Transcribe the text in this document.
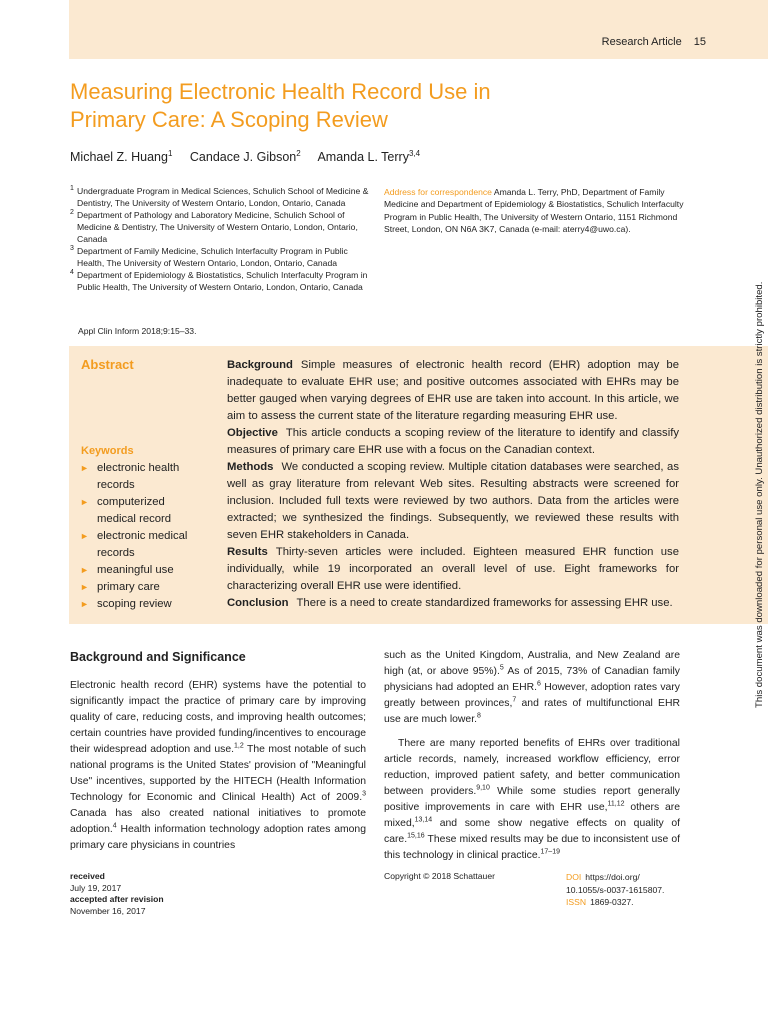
Research Article 15
Measuring Electronic Health Record Use in
Primary Care: A Scoping Review
Michael Z. Huang$^1$ Candace J. Gibson$^2$ Amanda L. Terry$^{3,4}$
1 Undergraduate Program in Medical Sciences, Schulich School of Medicine & Dentistry, The University of Western Ontario, London, Ontario, Canada
2 Department of Pathology and Laboratory Medicine, Schulich School of Medicine & Dentistry, The University of Western Ontario, London, Ontario, Canada
3 Department of Family Medicine, Schulich Interfaculty Program in Public Health, The University of Western Ontario, London, Ontario, Canada
4 Department of Epidemiology & Biostatistics, Schulich Interfaculty Program in Public Health, The University of Western Ontario, London, Ontario, Canada
Address for correspondence Amanda L. Terry, PhD, Department of Family Medicine and Department of Epidemiology & Biostatistics, Schulich Interfaculty Program in Public Health, The University of Western Ontario, 1151 Richmond Street, London, ON N6A 3K7, Canada (e-mail: aterry4@uwo.ca).
Appl Clin Inform 2018;9:15–33.
Abstract
Keywords
► electronic health records
► computerized medical record
► electronic medical records
► meaningful use
► primary care
► scoping review

Background Simple measures of electronic health record (EHR) adoption may be inadequate to evaluate EHR use; and positive outcomes associated with EHRs may be better gauged when varying degrees of EHR use are taken into account. In this article, we aim to assess the current state of the literature regarding measuring EHR use.

Objective This article conducts a scoping review of the literature to identify and classify measures of primary care EHR use with a focus on the Canadian context.

Methods We conducted a scoping review. Multiple citation databases were searched, as well as gray literature from relevant Web sites. Resulting abstracts were screened for inclusion. Included full texts were reviewed by two authors. Data from the articles were extracted; we synthesized the findings. Subsequently, we reviewed these results with seven EHR stakeholders in Canada.

Results Thirty-seven articles were included. Eighteen measured EHR function use individually, while 19 incorporated an overall level of use. Eight frameworks for characterizing overall EHR use were identified.

Conclusion There is a need to create standardized frameworks for assessing EHR use.

Background and Significance

Electronic health record (EHR) systems have the potential to significantly impact the practice of primary care by improving quality of care, reducing costs, and improving health outcomes; certain countries have provided funding/incentives to encourage their widespread adoption and use.$^{1,2}$ The most notable of such national programs is the United States' provision of "Meaningful Use" incentives, supported by the HITECH (Health Information Technology for Economic and Clinical Health) Act of 2009.$^3$ Canada has also created national initiatives to promote adoption.$^4$ Health information technology adoption rates among primary care physicians in countries

such as the United Kingdom, Australia, and New Zealand are high (at, or above 95%).$^5$ As of 2015, 73% of Canadian family physicians had adopted an EHR.$^6$ However, adoption rates vary greatly between provinces,$^7$ and rates of multifunctional EHR use are much lower.$^8$

There are many reported benefits of EHRs over traditional article records, namely, increased workflow efficiency, error reduction, improved patient safety, and better communication between providers.$^{9,10}$ While some studies report generally positive improvements in care with EHR use,$^{11,12}$ others are mixed,$^{13,14}$ and some show negative effects on quality of care.$^{15,16}$ These mixed results may be due to inconsistent use of this technology in clinical practice.$^{17-19}$

received
July 19, 2017
accepted after revision
November 16, 2017
Copyright © 2018 Schattauer	DOI https://doi.org/
10.1055/s-0037-1615807.
ISSN 1869-0327.
This document was downloaded for personal use only. Unauthorized distribution is strictly prohibited.
